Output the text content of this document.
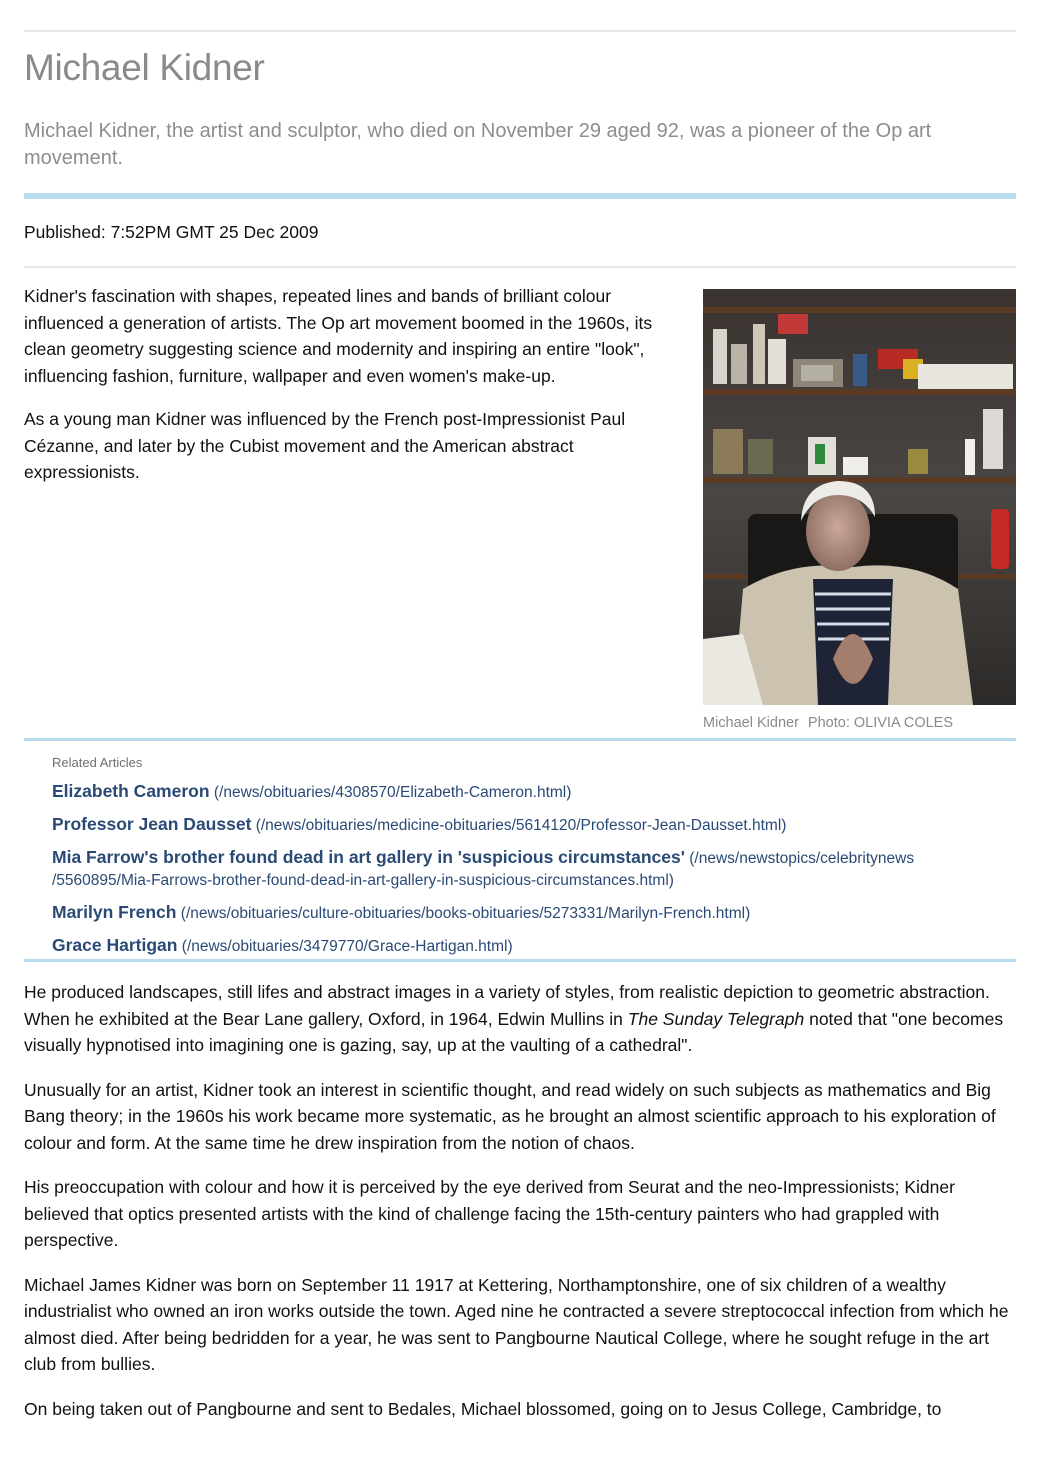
Michael Kidner

Michael Kidner, the artist and sculptor, who died on November 29 aged 92, was a pioneer of the Op art movement.

Published: 7:52PM GMT 25 Dec 2009

Kidner's fascination with shapes, repeated lines and bands of brilliant colour influenced a generation of artists. The Op art movement boomed in the 1960s, its clean geometry suggesting science and modernity and inspiring an entire "look", influencing fashion, furniture, wallpaper and even women's make-up.

As a young man Kidner was influenced by the French post-Impressionist Paul Cézanne, and later by the Cubist movement and the American abstract expressionists.

Michael Kidner Photo: OLIVIA COLES
Related Articles
Elizabeth Cameron (/news/obituaries/4308570/Elizabeth-Cameron.html)
Professor Jean Dausset (/news/obituaries/medicine-obituaries/5614120/Professor-Jean-Dausset.html)
Mia Farrow's brother found dead in art gallery in 'suspicious circumstances' (/news/newstopics/celebritynews /5560895/Mia-Farrows-brother-found-dead-in-art-gallery-in-suspicious-circumstances.html)
Marilyn French (/news/obituaries/culture-obituaries/books-obituaries/5273331/Marilyn-French.html)
Grace Hartigan (/news/obituaries/3479770/Grace-Hartigan.html)

He produced landscapes, still lifes and abstract images in a variety of styles, from realistic depiction to geometric abstraction. When he exhibited at the Bear Lane gallery, Oxford, in 1964, Edwin Mullins in The Sunday Telegraph noted that "one becomes visually hypnotised into imagining one is gazing, say, up at the vaulting of a cathedral".

Unusually for an artist, Kidner took an interest in scientific thought, and read widely on such subjects as mathematics and Big Bang theory; in the 1960s his work became more systematic, as he brought an almost scientific approach to his exploration of colour and form. At the same time he drew inspiration from the notion of chaos.

His preoccupation with colour and how it is perceived by the eye derived from Seurat and the neo-Impressionists; Kidner believed that optics presented artists with the kind of challenge facing the 15th-century painters who had grappled with perspective.

Michael James Kidner was born on September 11 1917 at Kettering, Northamptonshire, one of six children of a wealthy industrialist who owned an iron works outside the town. Aged nine he contracted a severe streptococcal infection from which he almost died. After being bedridden for a year, he was sent to Pangbourne Nautical College, where he sought refuge in the art club from bullies.

On being taken out of Pangbourne and sent to Bedales, Michael blossomed, going on to Jesus College, Cambridge, to
